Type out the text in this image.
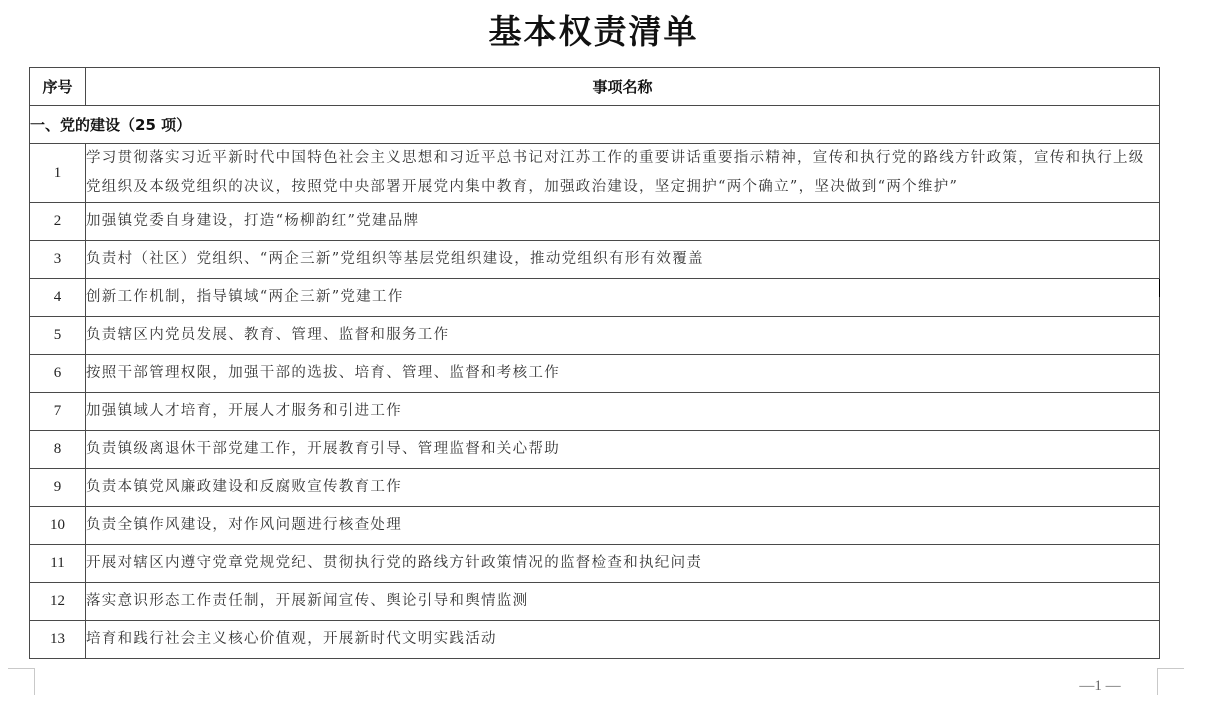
基本权责清单
序号	事项名称
一、党的建设（25 项）	
1	学习贯彻落实习近平新时代中国特色社会主义思想和习近平总书记对江苏工作的重要讲话重要指示精神，宣传和执行党的路线方针政策，宣传和执行上级党组织及本级党组织的决议，按照党中央部署开展党内集中教育，加强政治建设，坚定拥护“两个确立”，坚决做到“两个维护”
2	加强镇党委自身建设，打造“杨柳韵红”党建品牌
3	负责村（社区）党组织、“两企三新”党组织等基层党组织建设，推动党组织有形有效覆盖
4	创新工作机制，指导镇域“两企三新”党建工作
5	负责辖区内党员发展、教育、管理、监督和服务工作
6	按照干部管理权限，加强干部的选拔、培育、管理、监督和考核工作
7	加强镇域人才培育，开展人才服务和引进工作
8	负责镇级离退休干部党建工作，开展教育引导、管理监督和关心帮助
9	负责本镇党风廉政建设和反腐败宣传教育工作
10	负责全镇作风建设，对作风问题进行核查处理
11	开展对辖区内遵守党章党规党纪、贯彻执行党的路线方针政策情况的监督检查和执纪问责
12	落实意识形态工作责任制，开展新闻宣传、舆论引导和舆情监测
13	培育和践行社会主义核心价值观，开展新时代文明实践活动
—1 —
